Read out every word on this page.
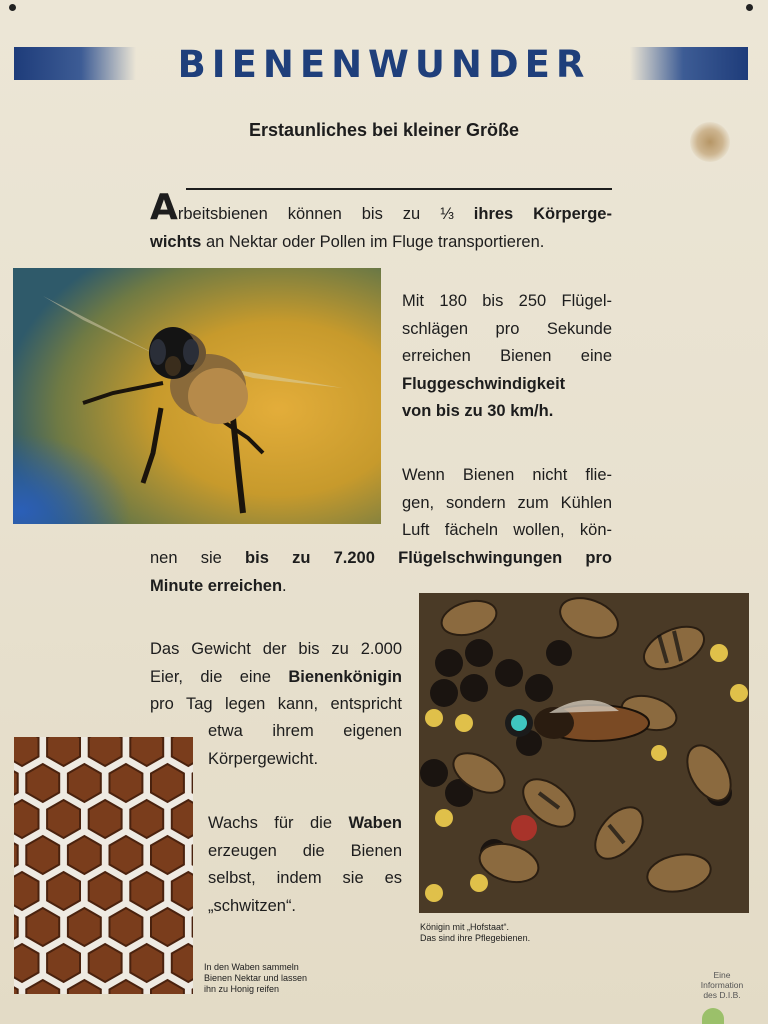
BIENENWUNDER
Erstaunliches bei kleiner Größe
Arbeitsbienen können bis zu ⅓ ihres Körperge-
wichts an Nektar oder Pollen im Fluge transportieren.
Mit 180 bis 250 Flügel-
schlägen pro Sekunde
erreichen Bienen eine
Fluggeschwindigkeit
von bis zu 30 km/h.
Wenn Bienen nicht flie-
gen, sondern zum Kühlen
Luft fächeln wollen, kön-
nen sie bis zu 7.200 Flügelschwingungen pro
Minute erreichen.
Das Gewicht der bis zu 2.000
Eier, die eine Bienenkönigin
pro Tag legen kann, entspricht
etwa ihrem eigenen
Körpergewicht.
Wachs für die Waben
erzeugen die Bienen
selbst, indem sie es
„schwitzen“.
Königin mit „Hofstaat“.
Das sind ihre Pflegebienen.
In den Waben sammeln
Bienen Nektar und lassen
ihn zu Honig reifen
Eine
Information
des D.I.B.
